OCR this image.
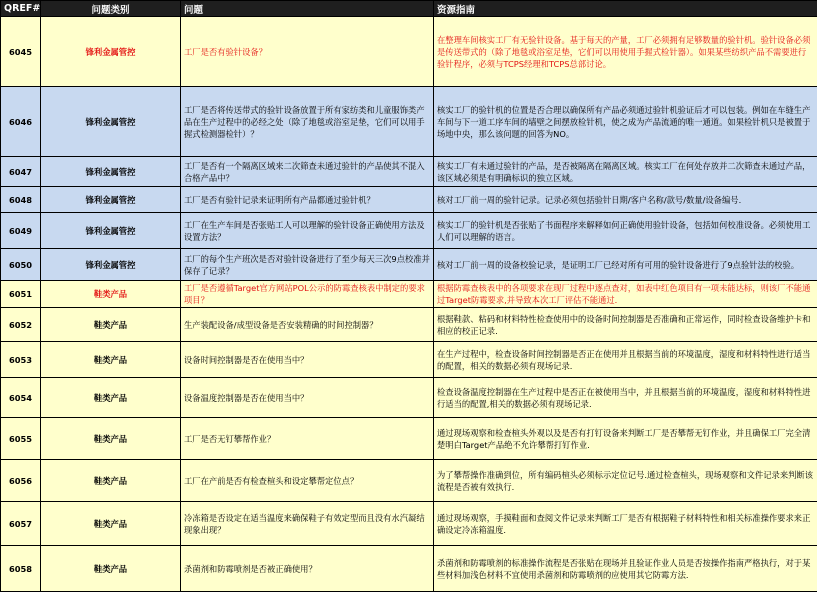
QREF#	问题类别	问题	资源指南
6045	锋利金属管控	工厂是否有验针设备？	在整理车间核实工厂有无验针设备。基于每天的产量，工厂必须拥有足够数量的验针机。验针设备必须是传送带式的（除了地毯或浴室足垫，它们可以用使用手握式检针器）。如果某些纺织产品不需要进行验针程序，必须与TCPS经理和TCPS总部讨论。
6046	锋利金属管控	工厂是否将传送带式的验针设备放置于所有家纺类和儿童服饰类产品在生产过程中的必经之处（除了地毯或浴室足垫，它们可以用手握式检测器检针）？	核实工厂的验针机的位置是否合理以确保所有产品必须通过验针机验证后才可以包装。例如在车缝生产车间与下一道工序车间的墙壁之间摆放检针机，使之成为产品流通的唯一通道。如果检针机只是被置于场地中央，那么该问题的回答为NO。
6047	锋利金属管控	工厂是否有一个隔离区域来二次筛查未通过验针的产品使其不混入合格产品中？	核实工厂有未通过验针的产品，是否被隔离在隔离区域。核实工厂在何处存放并二次筛查未通过产品，该区域必须是有明确标识的独立区域。
6048	锋利金属管控	工厂是否有验针记录来证明所有产品都通过验针机？	核对工厂前一周的验针记录。记录必须包括验针日期/客户名称/款号/数量/设备编号.
6049	锋利金属管控	工厂在生产车间是否张贴工人可以理解的验针设备正确使用方法及设置方法？	核实工厂的验针机是否张贴了书面程序来解释如何正确使用验针设备，包括如何校准设备。必须使用工人们可以理解的语言。
6050	锋利金属管控	工厂的每个生产班次是否对验针设备进行了至少每天三次9点校准并保存了记录？	核对工厂前一周的设备校验记录，是证明工厂已经对所有可用的验针设备进行了9点验针法的校验。
6051	鞋类产品	工厂是否遵循Target官方网站POL公示的防霉查核表中制定的要求项目？	根据防霉查核表中的各项要求在现厂过程中逐点查对，如表中红色项目有一项未能达标，则该厂不能通过Target防霉要求,并导致本次工厂评估不能通过.
6052	鞋类产品	生产装配设备/成型设备是否安装精确的时间控制器？	根据鞋款、粘码和材料特性检查使用中的设备时间控制器是否准确和正常运作，同时检查设备维护卡和相应的校正记录.
6053	鞋类产品	设备时间控制器是否在使用当中？	在生产过程中，检查设备时间控制器是否正在使用并且根据当前的环境温度，湿度和材料特性进行适当的配置，相关的数据必须有现场记录.
6054	鞋类产品	设备温度控制器是否在使用当中？	检查设备温度控制器在生产过程中是否正在被使用当中，并且根据当前的环境温度，湿度和材料特性进行适当的配置,相关的数据必须有现场记录.
6055	鞋类产品	工厂是否无钉攀帮作业？	通过现场观察和检查楦头外观以及是否有打钉设备来判断工厂是否攀帮无钉作业，并且确保工厂完全清楚明白Target产品绝不允许攀帮打钉作业.
6056	鞋类产品	工厂在产前是否有检查楦头和设定攀帮定位点？	为了攀帮操作准确到位，所有编码楦头必须标示定位记号.通过检查楦头，现场观察和文件记录来判断该流程是否被有效执行.
6057	鞋类产品	冷冻箱是否设定在适当温度来确保鞋子有效定型而且没有水汽凝结现象出现？	通过现场观察，手摸鞋面和查阅文件记录来判断工厂是否有根据鞋子材料特性和相关标准操作要求来正确设定冷冻箱温度.
6058	鞋类产品	杀菌剂和防霉喷剂是否被正确使用？	杀菌剂和防霉喷剂的标准操作流程是否张贴在现场并且验证作业人员是否按操作指南严格执行，对于某些材料加浅色材料不宜使用杀菌剂和防霉喷剂的应使用其它防霉方法.
